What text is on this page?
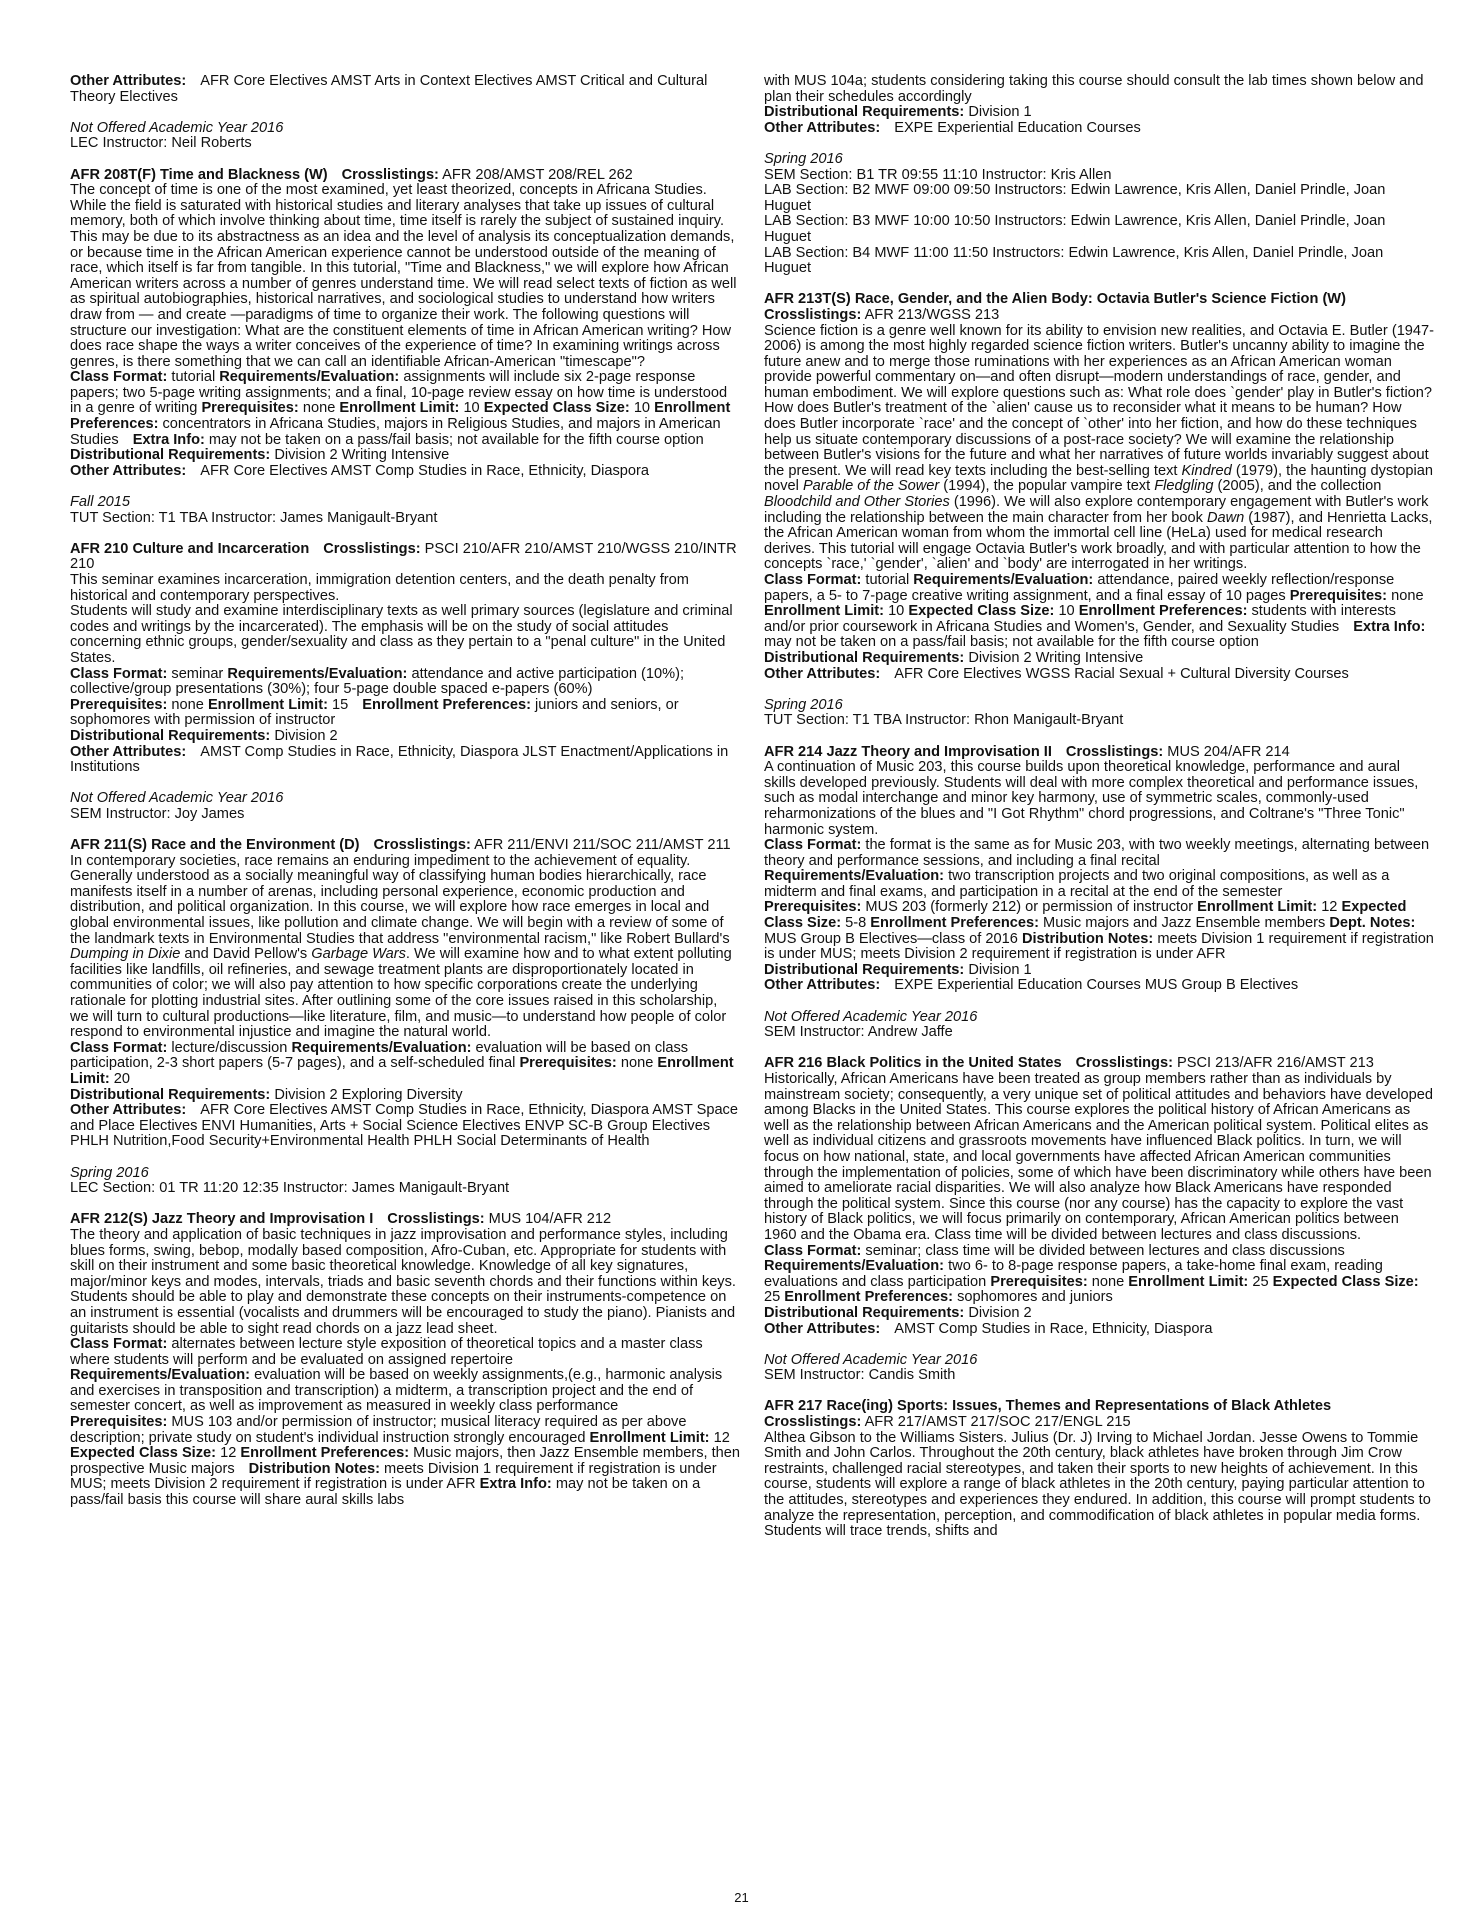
Other Attributes: AFR Core Electives AMST Arts in Context Electives AMST Critical and Cultural Theory Electives

Not Offered Academic Year 2016

LEC Instructor: Neil Roberts

AFR 208T(F) Time and Blackness (W) Crosslistings: AFR 208/AMST 208/REL 262

The concept of time is one of the most examined, yet least theorized, concepts in Africana Studies. While the field is saturated with historical studies and literary analyses that take up issues of cultural memory, both of which involve thinking about time, time itself is rarely the subject of sustained inquiry. This may be due to its abstractness as an idea and the level of analysis its conceptualization demands, or because time in the African American experience cannot be understood outside of the meaning of race, which itself is far from tangible. In this tutorial, "Time and Blackness," we will explore how African American writers across a number of genres understand time. We will read select texts of fiction as well as spiritual autobiographies, historical narratives, and sociological studies to understand how writers draw from — and create —paradigms of time to organize their work. The following questions will structure our investigation: What are the constituent elements of time in African American writing? How does race shape the ways a writer conceives of the experience of time? In examining writings across genres, is there something that we can call an identifiable African-American "timescape"?

Class Format: tutorial Requirements/Evaluation: assignments will include six 2-page response papers; two 5-page writing assignments; and a final, 10-page review essay on how time is understood in a genre of writing Prerequisites: none Enrollment Limit: 10 Expected Class Size: 10 Enrollment Preferences: concentrators in Africana Studies, majors in Religious Studies, and majors in American Studies Extra Info: may not be taken on a pass/fail basis; not available for the fifth course option

Distributional Requirements: Division 2 Writing Intensive

Other Attributes: AFR Core Electives AMST Comp Studies in Race, Ethnicity, Diaspora

Fall 2015

TUT Section: T1 TBA Instructor: James Manigault-Bryant

AFR 210 Culture and Incarceration Crosslistings: PSCI 210/AFR 210/AMST 210/WGSS 210/INTR 210

This seminar examines incarceration, immigration detention centers, and the death penalty from historical and contemporary perspectives.

Students will study and examine interdisciplinary texts as well primary sources (legislature and criminal codes and writings by the incarcerated). The emphasis will be on the study of social attitudes concerning ethnic groups, gender/sexuality and class as they pertain to a "penal culture" in the United States.

Class Format: seminar Requirements/Evaluation: attendance and active participation (10%); collective/group presentations (30%); four 5-page double spaced e-papers (60%)

Prerequisites: none Enrollment Limit: 15 Enrollment Preferences: juniors and seniors, or sophomores with permission of instructor

Distributional Requirements: Division 2

Other Attributes: AMST Comp Studies in Race, Ethnicity, Diaspora JLST Enactment/Applications in Institutions

Not Offered Academic Year 2016

SEM Instructor: Joy James

AFR 211(S) Race and the Environment (D) Crosslistings: AFR 211/ENVI 211/SOC 211/AMST 211

In contemporary societies, race remains an enduring impediment to the achievement of equality. Generally understood as a socially meaningful way of classifying human bodies hierarchically, race manifests itself in a number of arenas, including personal experience, economic production and distribution, and political organization. In this course, we will explore how race emerges in local and global environmental issues, like pollution and climate change. We will begin with a review of some of the landmark texts in Environmental Studies that address "environmental racism," like Robert Bullard's Dumping in Dixie and David Pellow's Garbage Wars. We will examine how and to what extent polluting facilities like landfills, oil refineries, and sewage treatment plants are disproportionately located in communities of color; we will also pay attention to how specific corporations create the underlying rationale for plotting industrial sites. After outlining some of the core issues raised in this scholarship, we will turn to cultural productions—like literature, film, and music—to understand how people of color respond to environmental injustice and imagine the natural world.

Class Format: lecture/discussion Requirements/Evaluation: evaluation will be based on class participation, 2-3 short papers (5-7 pages), and a self-scheduled final Prerequisites: none Enrollment Limit: 20

Distributional Requirements: Division 2 Exploring Diversity

Other Attributes: AFR Core Electives AMST Comp Studies in Race, Ethnicity, Diaspora AMST Space and Place Electives ENVI Humanities, Arts + Social Science Electives ENVP SC-B Group Electives PHLH Nutrition,Food Security+Environmental Health PHLH Social Determinants of Health

Spring 2016

LEC Section: 01 TR 11:20 12:35 Instructor: James Manigault-Bryant

AFR 212(S) Jazz Theory and Improvisation I Crosslistings: MUS 104/AFR 212

The theory and application of basic techniques in jazz improvisation and performance styles, including blues forms, swing, bebop, modally based composition, Afro-Cuban, etc. Appropriate for students with skill on their instrument and some basic theoretical knowledge. Knowledge of all key signatures, major/minor keys and modes, intervals, triads and basic seventh chords and their functions within keys. Students should be able to play and demonstrate these concepts on their instruments-competence on an instrument is essential (vocalists and drummers will be encouraged to study the piano). Pianists and guitarists should be able to sight read chords on a jazz lead sheet.

Class Format: alternates between lecture style exposition of theoretical topics and a master class where students will perform and be evaluated on assigned repertoire

Requirements/Evaluation: evaluation will be based on weekly assignments,(e.g., harmonic analysis and exercises in transposition and transcription) a midterm, a transcription project and the end of semester concert, as well as improvement as measured in weekly class performance

Prerequisites: MUS 103 and/or permission of instructor; musical literacy required as per above description; private study on student's individual instruction strongly encouraged Enrollment Limit: 12 Expected Class Size: 12 Enrollment Preferences: Music majors, then Jazz Ensemble members, then prospective Music majors Distribution Notes: meets Division 1 requirement if registration is under MUS; meets Division 2 requirement if registration is under AFR Extra Info: may not be taken on a pass/fail basis this course will share aural skills labs

with MUS 104a; students considering taking this course should consult the lab times shown below and plan their schedules accordingly

Distributional Requirements: Division 1

Other Attributes: EXPE Experiential Education Courses

Spring 2016

SEM Section: B1 TR 09:55 11:10 Instructor: Kris Allen

LAB Section: B2 MWF 09:00 09:50 Instructors: Edwin Lawrence, Kris Allen, Daniel Prindle, Joan Huguet

LAB Section: B3 MWF 10:00 10:50 Instructors: Edwin Lawrence, Kris Allen, Daniel Prindle, Joan Huguet

LAB Section: B4 MWF 11:00 11:50 Instructors: Edwin Lawrence, Kris Allen, Daniel Prindle, Joan Huguet

AFR 213T(S) Race, Gender, and the Alien Body: Octavia Butler's Science Fiction (W)

Crosslistings: AFR 213/WGSS 213

Science fiction is a genre well known for its ability to envision new realities, and Octavia E. Butler (1947-2006) is among the most highly regarded science fiction writers. Butler's uncanny ability to imagine the future anew and to merge those ruminations with her experiences as an African American woman provide powerful commentary on—and often disrupt—modern understandings of race, gender, and human embodiment. We will explore questions such as: What role does `gender' play in Butler's fiction? How does Butler's treatment of the `alien' cause us to reconsider what it means to be human? How does Butler incorporate `race' and the concept of `other' into her fiction, and how do these techniques help us situate contemporary discussions of a post-race society? We will examine the relationship between Butler's visions for the future and what her narratives of future worlds invariably suggest about the present. We will read key texts including the best-selling text Kindred (1979), the haunting dystopian novel Parable of the Sower (1994), the popular vampire text Fledgling (2005), and the collection Bloodchild and Other Stories (1996). We will also explore contemporary engagement with Butler's work including the relationship between the main character from her book Dawn (1987), and Henrietta Lacks, the African American woman from whom the immortal cell line (HeLa) used for medical research derives. This tutorial will engage Octavia Butler's work broadly, and with particular attention to how the concepts `race,' `gender', `alien' and `body' are interrogated in her writings.

Class Format: tutorial Requirements/Evaluation: attendance, paired weekly reflection/response papers, a 5- to 7-page creative writing assignment, and a final essay of 10 pages Prerequisites: none Enrollment Limit: 10 Expected Class Size: 10 Enrollment Preferences: students with interests and/or prior coursework in Africana Studies and Women's, Gender, and Sexuality Studies Extra Info: may not be taken on a pass/fail basis; not available for the fifth course option

Distributional Requirements: Division 2 Writing Intensive

Other Attributes: AFR Core Electives WGSS Racial Sexual + Cultural Diversity Courses

Spring 2016

TUT Section: T1 TBA Instructor: Rhon Manigault-Bryant

AFR 214 Jazz Theory and Improvisation II Crosslistings: MUS 204/AFR 214

A continuation of Music 203, this course builds upon theoretical knowledge, performance and aural skills developed previously. Students will deal with more complex theoretical and performance issues, such as modal interchange and minor key harmony, use of symmetric scales, commonly-used reharmonizations of the blues and "I Got Rhythm" chord progressions, and Coltrane's "Three Tonic" harmonic system.

Class Format: the format is the same as for Music 203, with two weekly meetings, alternating between theory and performance sessions, and including a final recital

Requirements/Evaluation: two transcription projects and two original compositions, as well as a midterm and final exams, and participation in a recital at the end of the semester

Prerequisites: MUS 203 (formerly 212) or permission of instructor Enrollment Limit: 12 Expected Class Size: 5-8 Enrollment Preferences: Music majors and Jazz Ensemble members Dept. Notes: MUS Group B Electives—class of 2016 Distribution Notes: meets Division 1 requirement if registration is under MUS; meets Division 2 requirement if registration is under AFR

Distributional Requirements: Division 1

Other Attributes: EXPE Experiential Education Courses MUS Group B Electives

Not Offered Academic Year 2016

SEM Instructor: Andrew Jaffe

AFR 216 Black Politics in the United States Crosslistings: PSCI 213/AFR 216/AMST 213

Historically, African Americans have been treated as group members rather than as individuals by mainstream society; consequently, a very unique set of political attitudes and behaviors have developed among Blacks in the United States. This course explores the political history of African Americans as well as the relationship between African Americans and the American political system. Political elites as well as individual citizens and grassroots movements have influenced Black politics. In turn, we will focus on how national, state, and local governments have affected African American communities through the implementation of policies, some of which have been discriminatory while others have been aimed to ameliorate racial disparities. We will also analyze how Black Americans have responded through the political system. Since this course (nor any course) has the capacity to explore the vast history of Black politics, we will focus primarily on contemporary, African American politics between 1960 and the Obama era. Class time will be divided between lectures and class discussions.

Class Format: seminar; class time will be divided between lectures and class discussions

Requirements/Evaluation: two 6- to 8-page response papers, a take-home final exam, reading evaluations and class participation Prerequisites: none Enrollment Limit: 25 Expected Class Size: 25 Enrollment Preferences: sophomores and juniors

Distributional Requirements: Division 2

Other Attributes: AMST Comp Studies in Race, Ethnicity, Diaspora

Not Offered Academic Year 2016

SEM Instructor: Candis Smith

AFR 217 Race(ing) Sports: Issues, Themes and Representations of Black Athletes

Crosslistings: AFR 217/AMST 217/SOC 217/ENGL 215

Althea Gibson to the Williams Sisters. Julius (Dr. J) Irving to Michael Jordan. Jesse Owens to Tommie Smith and John Carlos. Throughout the 20th century, black athletes have broken through Jim Crow restraints, challenged racial stereotypes, and taken their sports to new heights of achievement. In this course, students will explore a range of black athletes in the 20th century, paying particular attention to the attitudes, stereotypes and experiences they endured. In addition, this course will prompt students to analyze the representation, perception, and commodification of black athletes in popular media forms. Students will trace trends, shifts and

21
